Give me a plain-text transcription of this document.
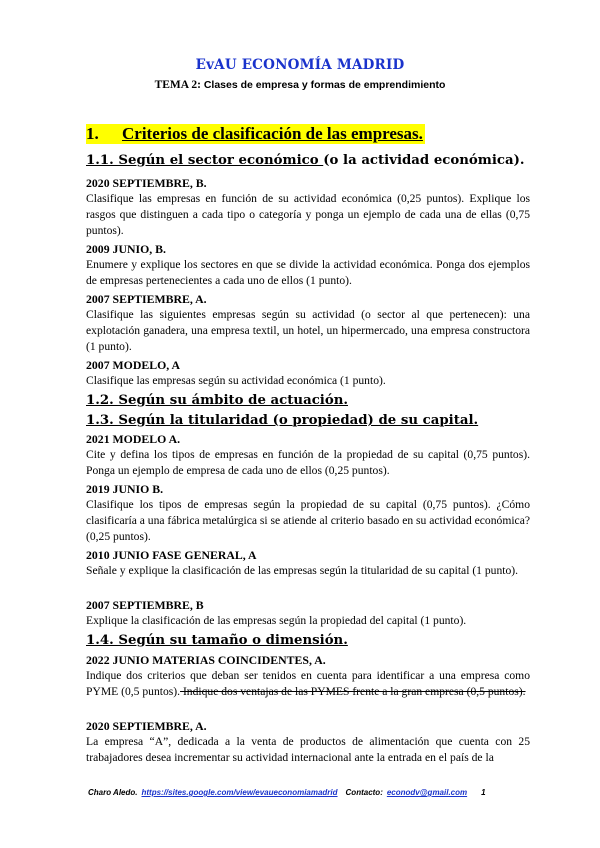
EvAU ECONOMÍA MADRID
TEMA 2: Clases de empresa y formas de emprendimiento
1. Criterios de clasificación de las empresas.
1.1. Según el sector económico (o la actividad económica).
2020 SEPTIEMBRE, B.
Clasifique las empresas en función de su actividad económica (0,25 puntos). Explique los rasgos que distinguen a cada tipo o categoría y ponga un ejemplo de cada una de ellas (0,75 puntos).
2009 JUNIO, B.
Enumere y explique los sectores en que se divide la actividad económica. Ponga dos ejemplos de empresas pertenecientes a cada uno de ellos (1 punto).
2007 SEPTIEMBRE, A.
Clasifique las siguientes empresas según su actividad (o sector al que pertenecen): una explotación ganadera, una empresa textil, un hotel, un hipermercado, una empresa constructora (1 punto).
2007 MODELO, A
Clasifique las empresas según su actividad económica (1 punto).
1.2. Según su ámbito de actuación.
1.3. Según la titularidad (o propiedad) de su capital.
2021 MODELO A.
Cite y defina los tipos de empresas en función de la propiedad de su capital (0,75 puntos). Ponga un ejemplo de empresa de cada uno de ellos (0,25 puntos).
2019 JUNIO B.
Clasifique los tipos de empresas según la propiedad de su capital (0,75 puntos). ¿Cómo clasificaría a una fábrica metalúrgica si se atiende al criterio basado en su actividad económica? (0,25 puntos).
2010 JUNIO FASE GENERAL, A
Señale y explique la clasificación de las empresas según la titularidad de su capital (1 punto).
2007 SEPTIEMBRE, B
Explique la clasificación de las empresas según la propiedad del capital (1 punto).
1.4. Según su tamaño o dimensión.
2022 JUNIO MATERIAS COINCIDENTES, A.
Indique dos criterios que deban ser tenidos en cuenta para identificar a una empresa como PYME (0,5 puntos). Indique dos ventajas de las PYMES frente a la gran empresa (0,5 puntos).
2020 SEPTIEMBRE, A.
La empresa “A”, dedicada a la venta de productos de alimentación que cuenta con 25 trabajadores desea incrementar su actividad internacional ante la entrada en el país de la
Charo Aledo. https://sites.google.com/view/evaueconomiamadrid Contacto: econodv@gmail.com 1
